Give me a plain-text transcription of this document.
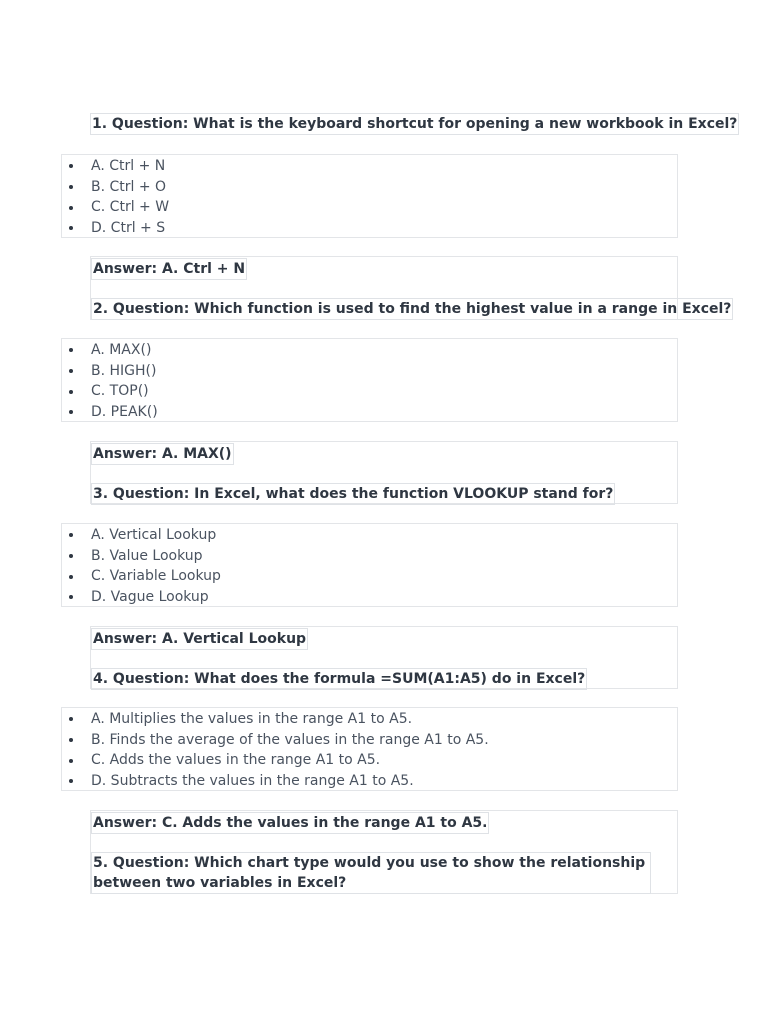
1. Question: What is the keyboard shortcut for opening a new workbook in Excel?
A. Ctrl + N
B. Ctrl + O
C. Ctrl + W
D. Ctrl + S
Answer: A. Ctrl + N
2. Question: Which function is used to find the highest value in a range in Excel?
A. MAX()
B. HIGH()
C. TOP()
D. PEAK()
Answer: A. MAX()
3. Question: In Excel, what does the function VLOOKUP stand for?
A. Vertical Lookup
B. Value Lookup
C. Variable Lookup
D. Vague Lookup
Answer: A. Vertical Lookup
4. Question: What does the formula =SUM(A1:A5) do in Excel?
A. Multiplies the values in the range A1 to A5.
B. Finds the average of the values in the range A1 to A5.
C. Adds the values in the range A1 to A5.
D. Subtracts the values in the range A1 to A5.
Answer: C. Adds the values in the range A1 to A5.
5. Question: Which chart type would you use to show the relationship between two variables in Excel?
